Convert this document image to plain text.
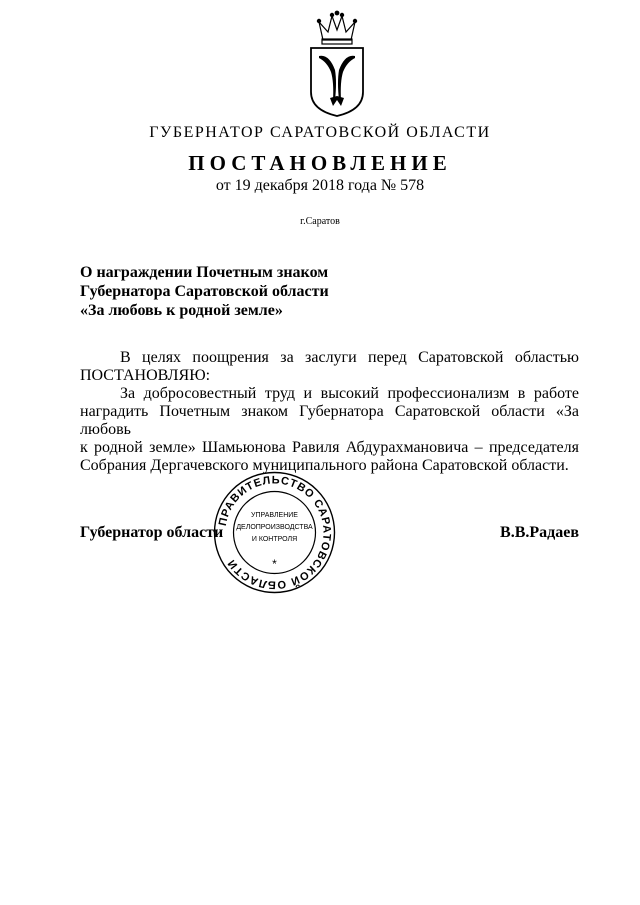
ГУБЕРНАТОР САРАТОВСКОЙ ОБЛАСТИ
ПОСТАНОВЛЕНИЕ
от 19 декабря 2018 года № 578
г.Саратов
О награждении Почетным знаком
Губернатора Саратовской области
«За любовь к родной земле»
В целях поощрения за заслуги перед Саратовской областью
ПОСТАНОВЛЯЮ:
За добросовестный труд и высокий профессионализм в работе
наградить Почетным знаком Губернатора Саратовской области «За любовь
к родной земле» Шамьюнова Равиля Абдурахмановича – председателя
Собрания Дергачевского муниципального района Саратовской области.
Губернатор области	В.В.Радаев
ПРАВИТЕЛЬСТВО САРАТОВСКОЙ ОБЛАСТИ
УПРАВЛЕНИЕ
ДЕЛОПРОИЗВОДСТВА
И КОНТРОЛЯ
*
